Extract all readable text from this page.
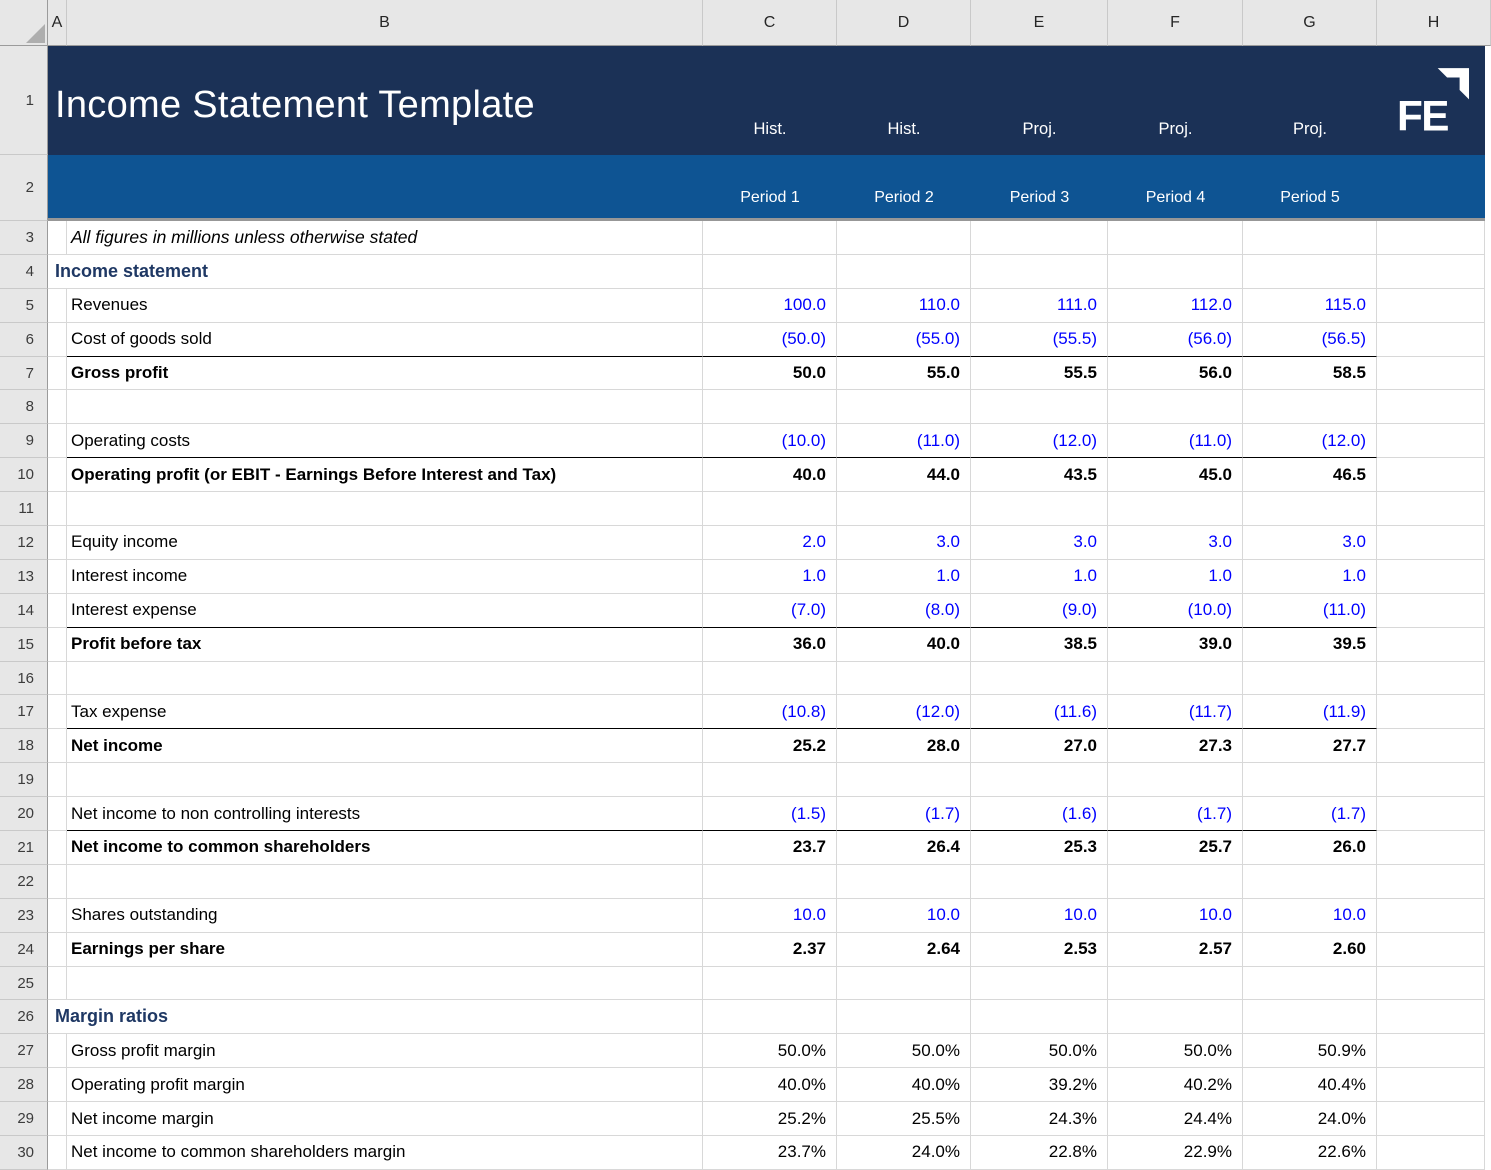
Income Statement Template	FE
A	B	C	D	E	F	G	H
1
2
3
4
5
6
7
8
9
10
11
12
13
14
15
16
17
18
19
20
21
22
23
24
25
26
27
28
29
30
Hist.	Hist.	Proj.	Proj.	Proj.
Period 1	Period 2	Period 3	Period 4	Period 5
All figures in millions unless otherwise stated
Income statement
Revenues	100.0	110.0	111.0	112.0	115.0
Cost of goods sold	(50.0)	(55.0)	(55.5)	(56.0)	(56.5)
Gross profit	50.0	55.0	55.5	56.0	58.5
Operating costs	(10.0)	(11.0)	(12.0)	(11.0)	(12.0)
Operating profit (or EBIT - Earnings Before Interest and Tax)	40.0	44.0	43.5	45.0	46.5
Equity income	2.0	3.0	3.0	3.0	3.0
Interest income	1.0	1.0	1.0	1.0	1.0
Interest expense	(7.0)	(8.0)	(9.0)	(10.0)	(11.0)
Profit before tax	36.0	40.0	38.5	39.0	39.5
Tax expense	(10.8)	(12.0)	(11.6)	(11.7)	(11.9)
Net income	25.2	28.0	27.0	27.3	27.7
Net income to non controlling interests	(1.5)	(1.7)	(1.6)	(1.7)	(1.7)
Net income to common shareholders	23.7	26.4	25.3	25.7	26.0
Shares outstanding	10.0	10.0	10.0	10.0	10.0
Earnings per share	2.37	2.64	2.53	2.57	2.60
Margin ratios
Gross profit margin	50.0%	50.0%	50.0%	50.0%	50.9%
Operating profit margin	40.0%	40.0%	39.2%	40.2%	40.4%
Net income margin	25.2%	25.5%	24.3%	24.4%	24.0%
Net income to common shareholders margin	23.7%	24.0%	22.8%	22.9%	22.6%
